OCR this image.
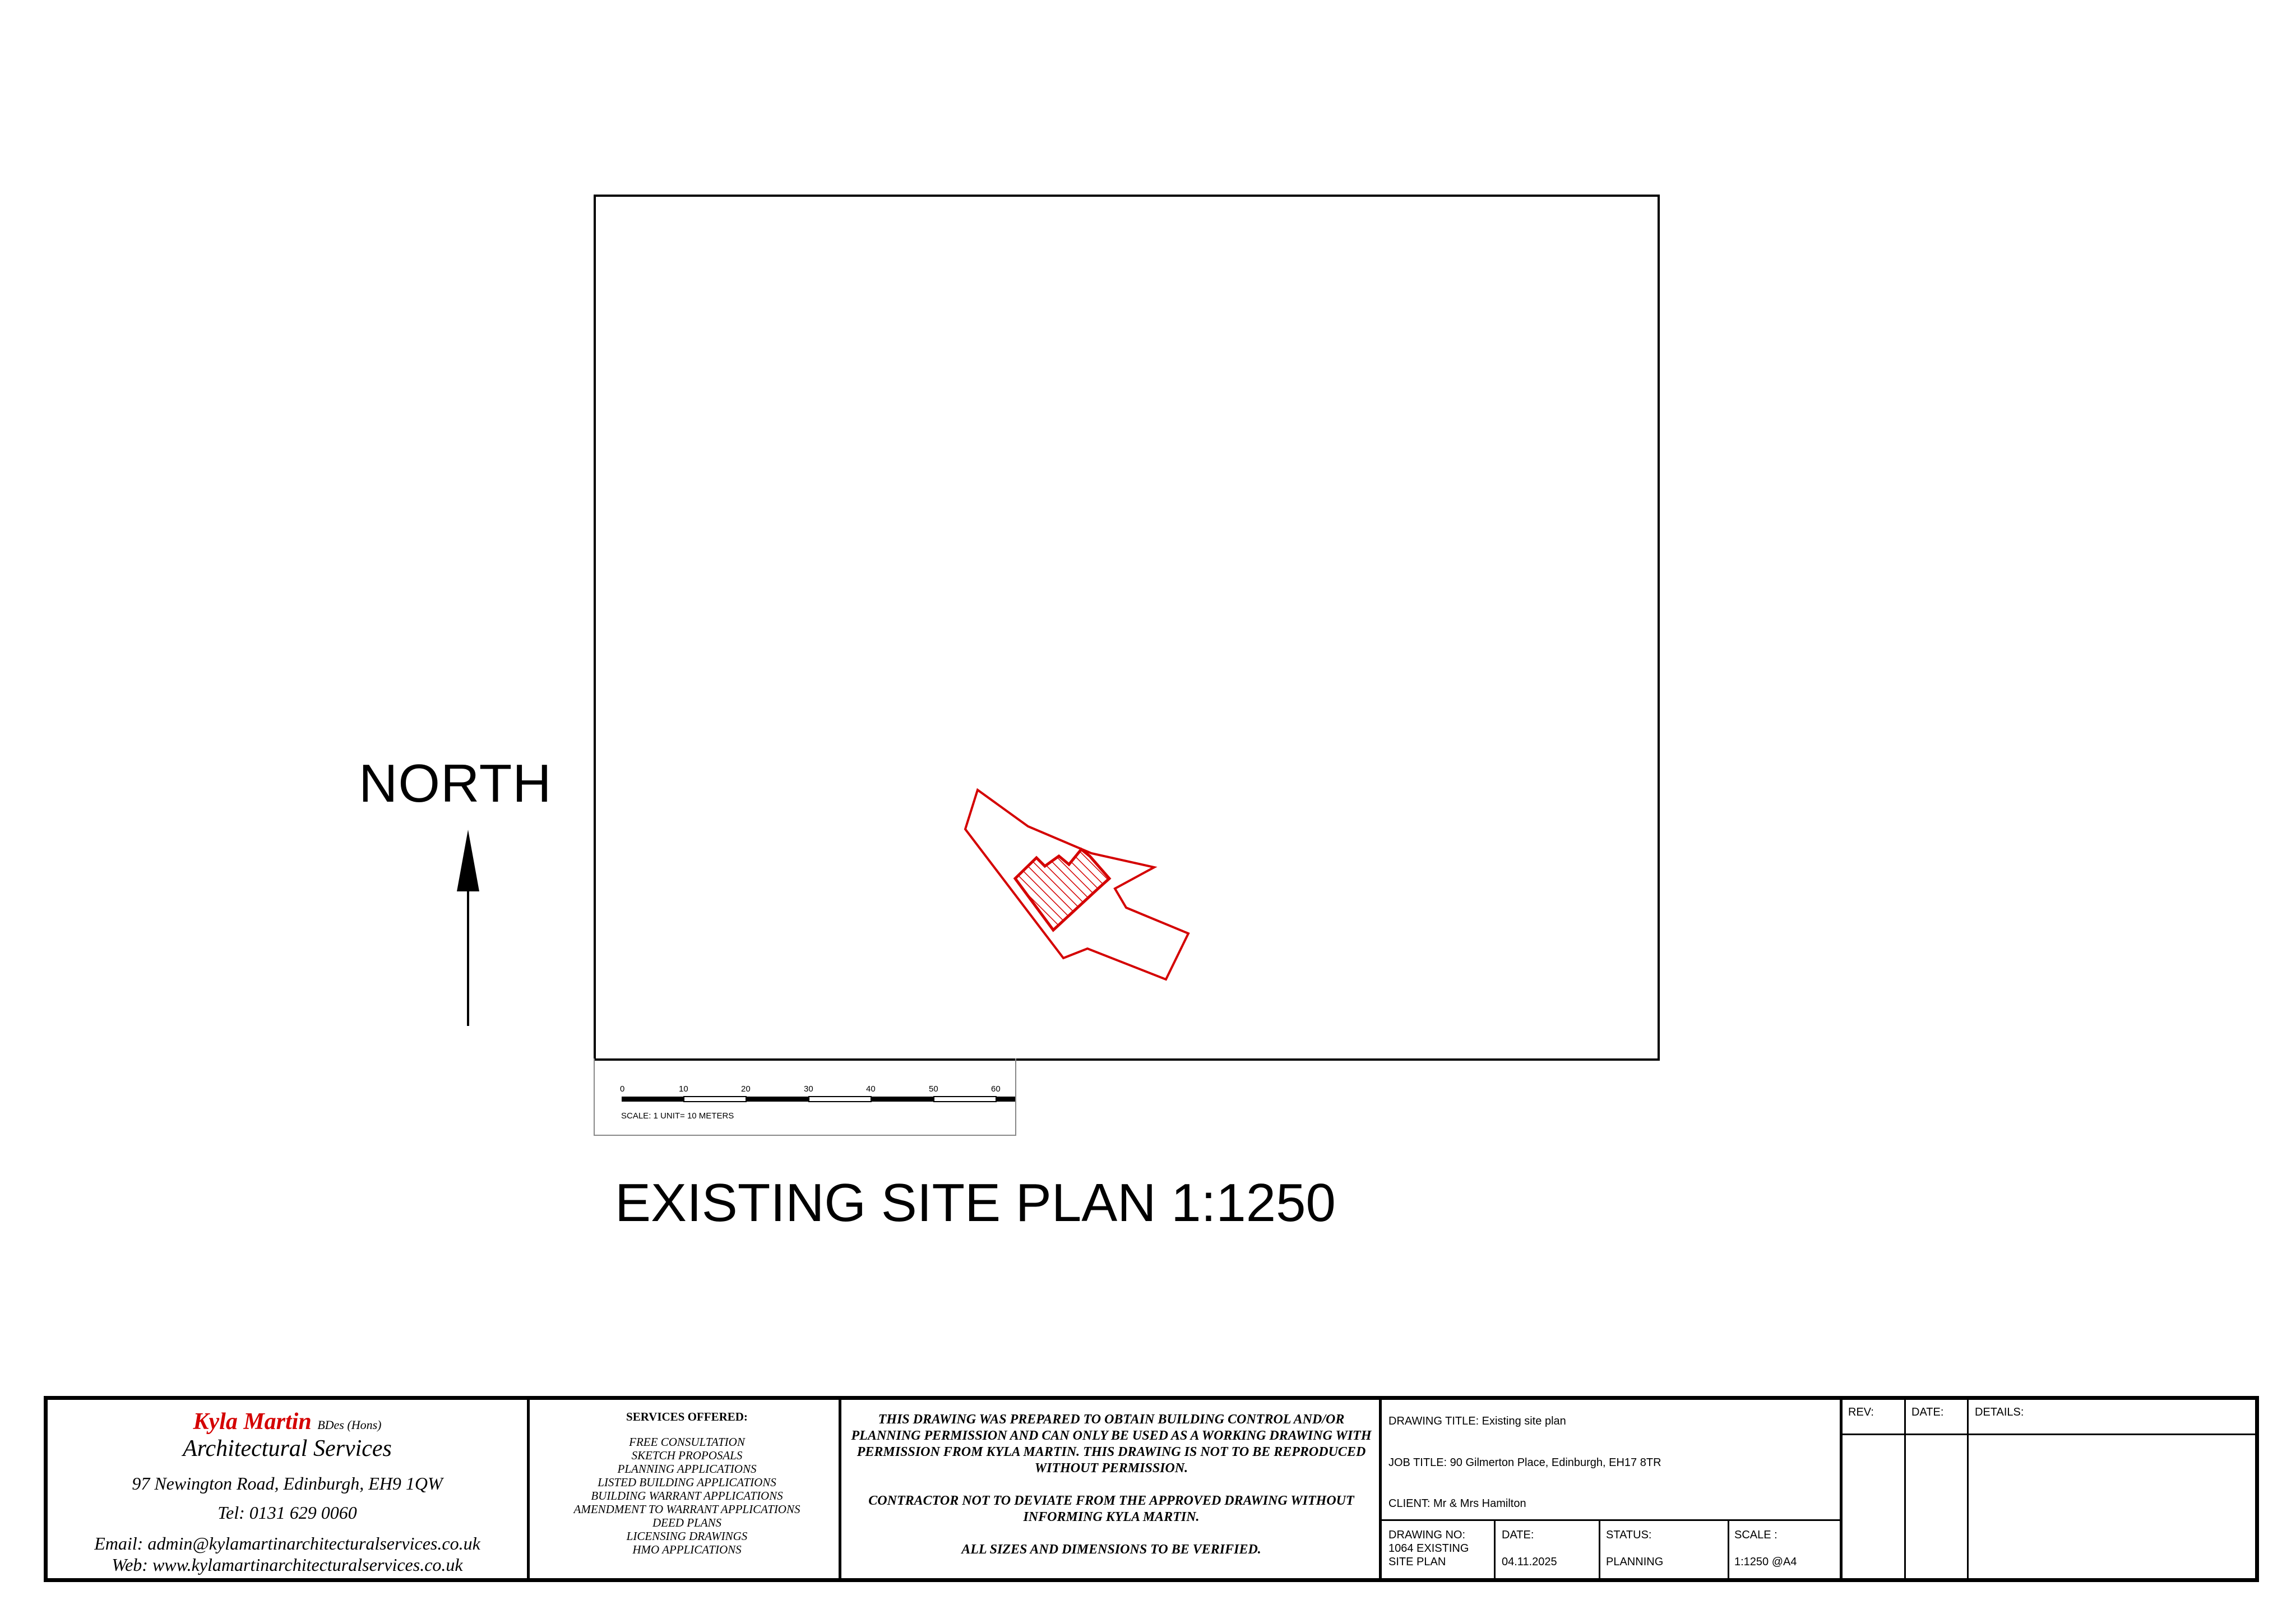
NORTH
0	10	20	30	40	50	60
SCALE: 1 UNIT= 10 METERS
EXISTING SITE PLAN 1:1250
Kyla Martin BDes (Hons)
Architectural Services
97 Newington Road, Edinburgh, EH9 1QW
Tel: 0131 629 0060
Email: admin@kylamartinarchitecturalservices.co.uk
Web: www.kylamartinarchitecturalservices.co.uk
SERVICES OFFERED:
FREE CONSULTATION
SKETCH PROPOSALS
PLANNING APPLICATIONS
LISTED BUILDING APPLICATIONS
BUILDING WARRANT APPLICATIONS
AMENDMENT TO WARRANT APPLICATIONS
DEED PLANS
LICENSING DRAWINGS
HMO APPLICATIONS
THIS DRAWING WAS PREPARED TO OBTAIN BUILDING CONTROL AND/OR PLANNING PERMISSION AND CAN ONLY BE USED AS A WORKING DRAWING WITH PERMISSION FROM KYLA MARTIN. THIS DRAWING IS NOT TO BE REPRODUCED WITHOUT PERMISSION.
CONTRACTOR NOT TO DEVIATE FROM THE APPROVED DRAWING WITHOUT INFORMING KYLA MARTIN.
ALL SIZES AND DIMENSIONS TO BE VERIFIED.
DRAWING TITLE: Existing site plan
JOB TITLE: 90 Gilmerton Place, Edinburgh, EH17 8TR
CLIENT: Mr & Mrs Hamilton
DRAWING NO:
1064 EXISTING
SITE PLAN
DATE:
04.11.2025
STATUS:
PLANNING
SCALE :
1:1250 @A4
REV:	DATE:	DETAILS:
